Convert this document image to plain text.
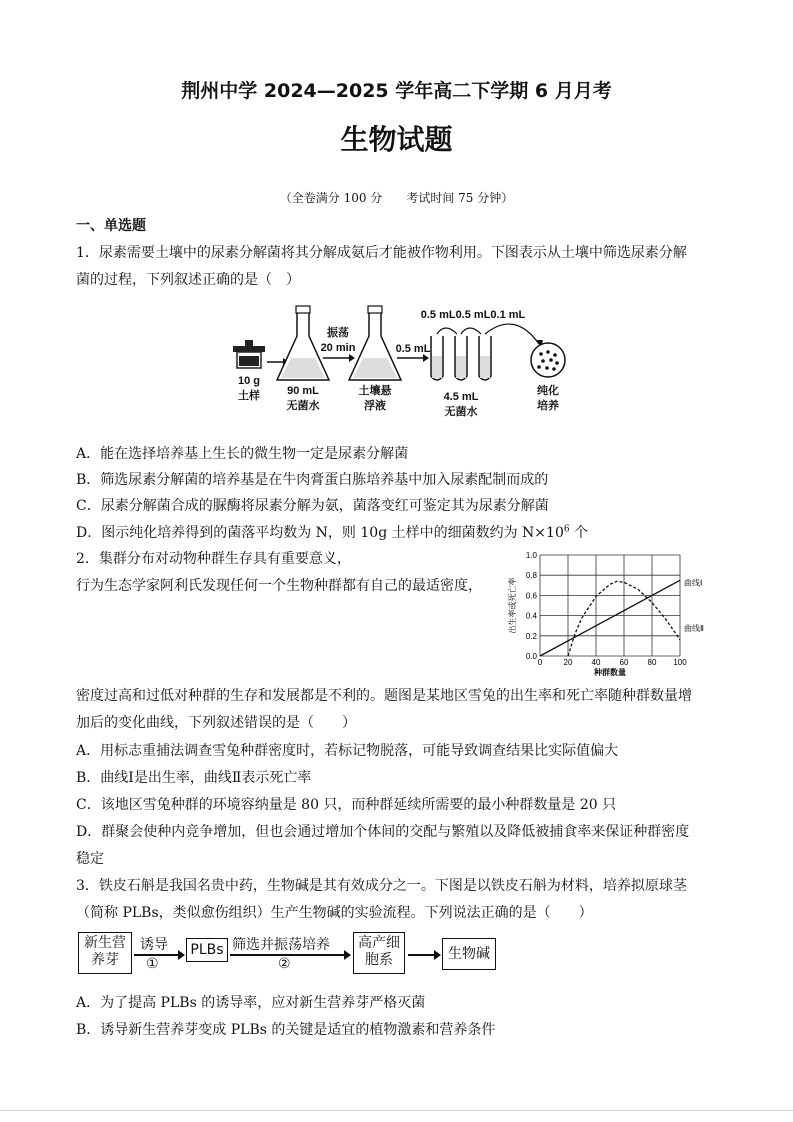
荆州中学 2024—2025 学年高二下学期 6 月月考
生物试题
（全卷满分 100 分 考试时间 75 分钟）
一、单选题
1．尿素需要土壤中的尿素分解菌将其分解成氨后才能被作物利用。下图表示从土壤中筛选尿素分解
菌的过程，下列叙述正确的是（　）
10 g
土样 90 mL
无菌水
振荡
20 min
土壤悬
浮液
0.5 mL
0.5 mL0.5 mL0.1 mL
4.5 mL
无菌水
纯化
培养
A．能在选择培养基上生长的微生物一定是尿素分解菌
B．筛选尿素分解菌的培养基是在牛肉膏蛋白胨培养基中加入尿素配制而成的
C．尿素分解菌合成的脲酶将尿素分解为氨，菌落变红可鉴定其为尿素分解菌
D．图示纯化培养得到的菌落平均数为 N，则 10g 土样中的细菌数约为 $N\times 10^6$ 个
2．集群分布对动物种群生存具有重要意义，
行为生态学家阿利氏发现任何一个生物种群都有自己的最适密度，
0	20 40 60 80 100
0.0
0.2
0.4
0.6
0.8
1.0
种群数量
出生率或死亡率	曲线Ⅰ
曲线Ⅱ
密度过高和过低对种群的生存和发展都是不利的。题图是某地区雪兔的出生率和死亡率随种群数量增
加后的变化曲线，下列叙述错误的是（　　）
A．用标志重捕法调查雪兔种群密度时，若标记物脱落，可能导致调查结果比实际值偏大
B．曲线Ⅰ是出生率，曲线Ⅱ表示死亡率
C．该地区雪兔种群的环境容纳量是 80 只，而种群延续所需要的最小种群数量是 20 只
D．群聚会使种内竞争增加，但也会通过增加个体间的交配与繁殖以及降低被捕食率来保证种群密度
稳定
3．铁皮石斛是我国名贵中药，生物碱是其有效成分之一。下图是以铁皮石斛为材料，培养拟原球茎
（简称 PLBs，类似愈伤组织）生产生物碱的实验流程。下列说法正确的是（　　）
新生营养芽
诱导
①
PLBs 筛选并振荡培养
②
高产细胞系	生物碱
A．为了提高 PLBs 的诱导率，应对新生营养芽严格灭菌
B．诱导新生营养芽变成 PLBs 的关键是适宜的植物激素和营养条件
